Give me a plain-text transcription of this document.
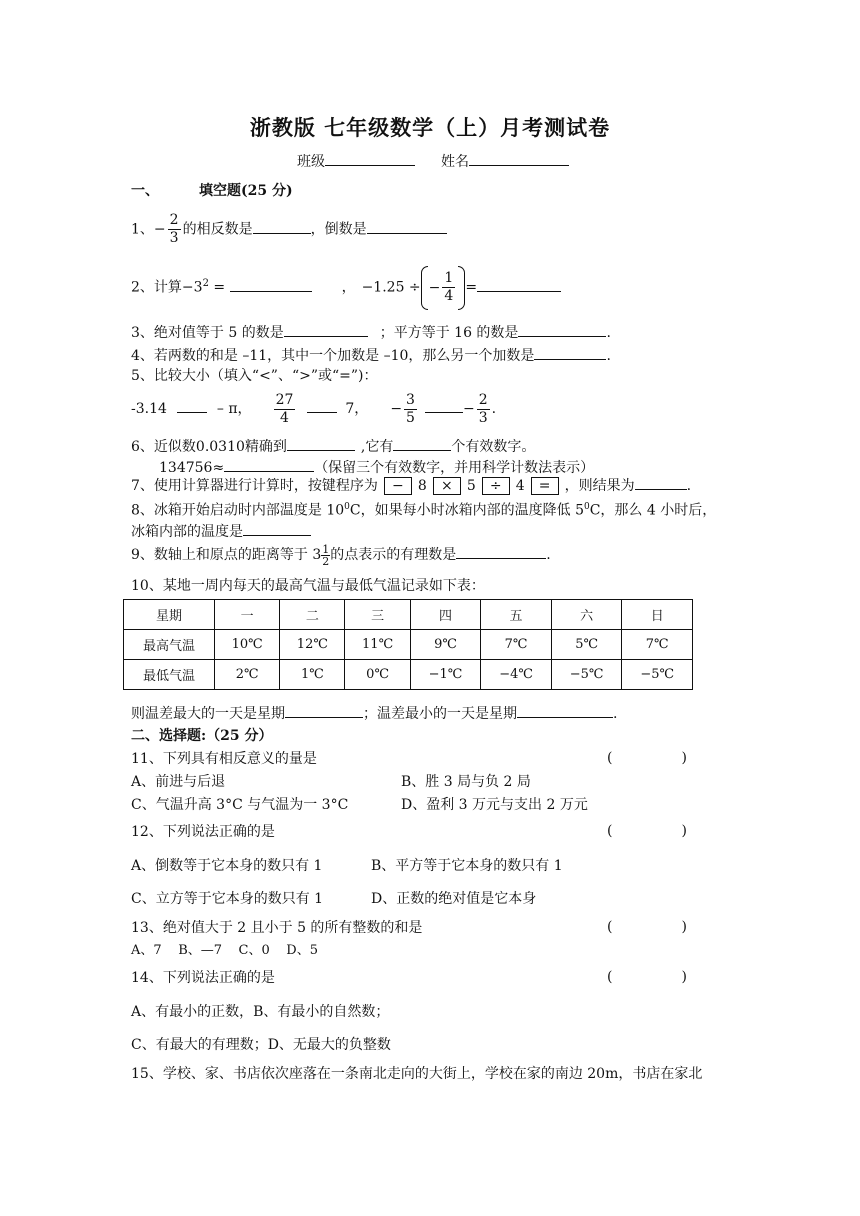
浙教版 七年级数学（上）月考测试卷
班级	姓名
一、	填空题(25 分)
1、− $\frac{2}{3}$ 的相反数是	，倒数是
2、计算$-3^2$ =	， −1.25 ÷ − $\frac{1}{4}$ =
3、绝对值等于 5 的数是	；平方等于 16 的数是	.
4、若两数的和是 –11，其中一个加数是 –10，那么另一个加数是	.
5、比较大小（填入“<”、“>”或“=”)：
-3.14	– π， $\frac{27}{4}$	7， − $\frac{3}{5}$	− $\frac{2}{3}$ .
6、近似数0.0310精确到	,它有	个有效数字。
134756≈	（保留三个有效数字，并用科学计数法表示）
7、使用计算器进行计算时，按键程序为 − 8 × 5 ÷ 4 = ，则结果为	.
8、冰箱开始启动时内部温度是 $10^0C$，如果每小时冰箱内部的温度降低 $5^0C$，那么 4 小时后，
冰箱内部的温度是
9、数轴上和原点的距离等于 $3 \frac{1}{2}$ 的点表示的有理数是	.
10、某地一周内每天的最高气温与最低气温记录如下表：
星期	一	二	三	四	五	六	日
最高气温	10℃	12℃	11℃	9℃	7℃	5℃	7℃
最低气温	2℃	1℃	0℃	−1℃	−4℃	−5℃	−5℃
则温差最大的一天是星期	；温差最小的一天是星期	.
二、选择题:（25 分）
11、下列具有相反意义的量是	(	)
A、前进与后退	B、胜 3 局与负 2 局
C、气温升高 3°C 与气温为一 3°C	D、盈利 3 万元与支出 2 万元
12、下列说法正确的是	(	)
A、倒数等于它本身的数只有 1	B、平方等于它本身的数只有 1
C、立方等于它本身的数只有 1	D、正数的绝对值是它本身
13、绝对值大于 2 且小于 5 的所有整数的和是	(	)
A、7    B、—7    C、0    D、5
14、下列说法正确的是	(	)
A、有最小的正数，B、有最小的自然数；
C、有最大的有理数；D、无最大的负整数
15、学校、家、书店依次座落在一条南北走向的大街上，学校在家的南边 20m，书店在家北
